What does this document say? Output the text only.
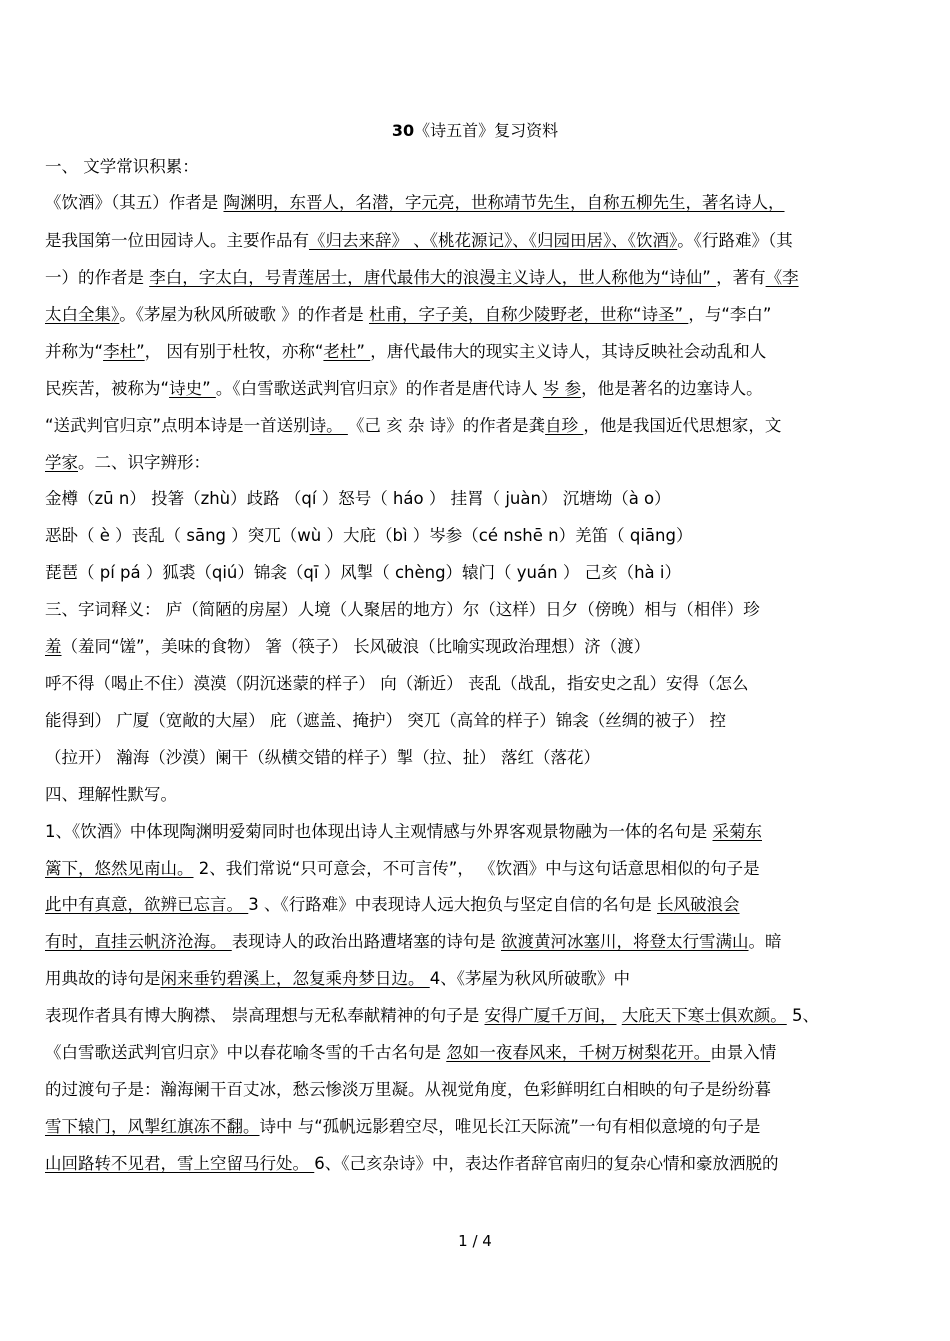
30《诗五首》复习资料
一、 文学常识积累：
《饮酒》（其五）作者是 陶渊明，东晋人，名潜，字元亮，世称靖节先生，自称五柳先生，著名诗人，
是我国第一位田园诗人。主要作品有《归去来辞》 、《桃花源记》、《归园田居》、《饮酒》。《行路难》（其
一）的作者是 李白，字太白，号青莲居士，唐代最伟大的浪漫主义诗人，世人称他为“诗仙” ，著有《李
太白全集》。《茅屋为秋风所破歌 》的作者是 杜甫，字子美，自称少陵野老，世称“诗圣” ，与“李白”
并称为“李杜”， 因有别于杜牧，亦称“老杜” ，唐代最伟大的现实主义诗人，其诗反映社会动乱和人
民疾苦，被称为“诗史” 。《白雪歌送武判官归京》的作者是唐代诗人 岑 参，他是著名的边塞诗人。
“送武判官归京”点明本诗是一首送别诗。 《己 亥 杂 诗》的作者是龚自珍 ，他是我国近代思想家，文
学家。二、识字辨形：
金樽（zū n） 投箸（zhù）歧路 （qí ）怒号（ háo ） 挂罥（ juàn） 沉塘坳（à o）
恶卧（ è ）丧乱（ sāng ）突兀（wù ）大庇（bì ）岑参（cé nshē n）羌笛（ qiāng）
琵琶（ pí pá ）狐裘（qiú）锦衾（qī ）风掣（ chèng）辕门（ yuán ） 己亥（hà i）
三、字词释义： 庐（简陋的房屋）人境（人聚居的地方）尔（这样）日夕（傍晚）相与（相伴）珍
羞（羞同“馐”，美味的食物） 箸（筷子） 长风破浪（比喻实现政治理想）济（渡）
呼不得（喝止不住）漠漠（阴沉迷蒙的样子） 向（渐近） 丧乱（战乱，指安史之乱）安得（怎么
能得到） 广厦（宽敞的大屋） 庇（遮盖、掩护） 突兀（高耸的样子）锦衾（丝绸的被子） 控
（拉开） 瀚海（沙漠）阑干（纵横交错的样子）掣（拉、扯） 落红（落花）
四、理解性默写。
1、《饮酒》中体现陶渊明爱菊同时也体现出诗人主观情感与外界客观景物融为一体的名句是 采菊东
篱下，悠然见南山。 2、我们常说“只可意会，不可言传”， 《饮酒》中与这句话意思相似的句子是
此中有真意，欲辨已忘言。 3 、《行路难》中表现诗人远大抱负与坚定自信的名句是 长风破浪会
有时，直挂云帆济沧海。 表现诗人的政治出路遭堵塞的诗句是 欲渡黄河冰塞川，将登太行雪满山。暗
用典故的诗句是闲来垂钓碧溪上，忽复乘舟梦日边。 4、《茅屋为秋风所破歌》中
表现作者具有博大胸襟、 崇高理想与无私奉献精神的句子是 安得广厦千万间， 大庇天下寒士俱欢颜。 5、
《白雪歌送武判官归京》中以春花喻冬雪的千古名句是 忽如一夜春风来，千树万树梨花开。由景入情
的过渡句子是：瀚海阑干百丈冰，愁云惨淡万里凝。从视觉角度，色彩鲜明红白相映的句子是纷纷暮
雪下辕门，风掣红旗冻不翻。诗中 与“孤帆远影碧空尽，唯见长江天际流”一句有相似意境的句子是
山回路转不见君，雪上空留马行处。 6、《己亥杂诗》中，表达作者辞官南归的复杂心情和豪放洒脱的
1 / 4
